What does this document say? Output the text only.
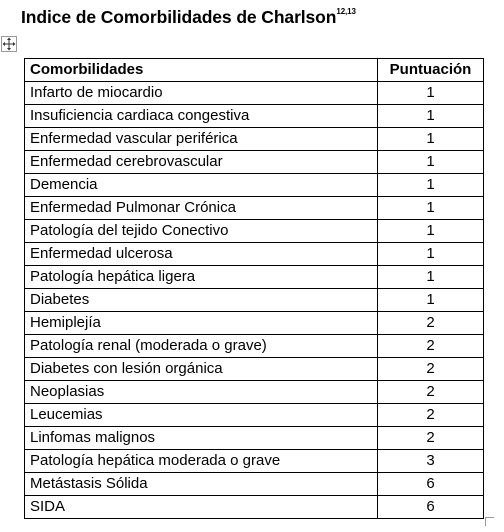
Indice de Comorbilidades de Charlson$^{12,13}$
Comorbilidades	Puntuación
Infarto de miocardio	1
Insuficiencia cardiaca congestiva	1
Enfermedad vascular periférica	1
Enfermedad cerebrovascular	1
Demencia	1
Enfermedad Pulmonar Crónica	1
Patología del tejido Conectivo	1
Enfermedad ulcerosa	1
Patología hepática ligera	1
Diabetes	1
Hemiplejía	2
Patología renal (moderada o grave)	2
Diabetes con lesión orgánica	2
Neoplasias	2
Leucemias	2
Linfomas malignos	2
Patología hepática moderada o grave	3
Metástasis Sólida	6
SIDA	6
